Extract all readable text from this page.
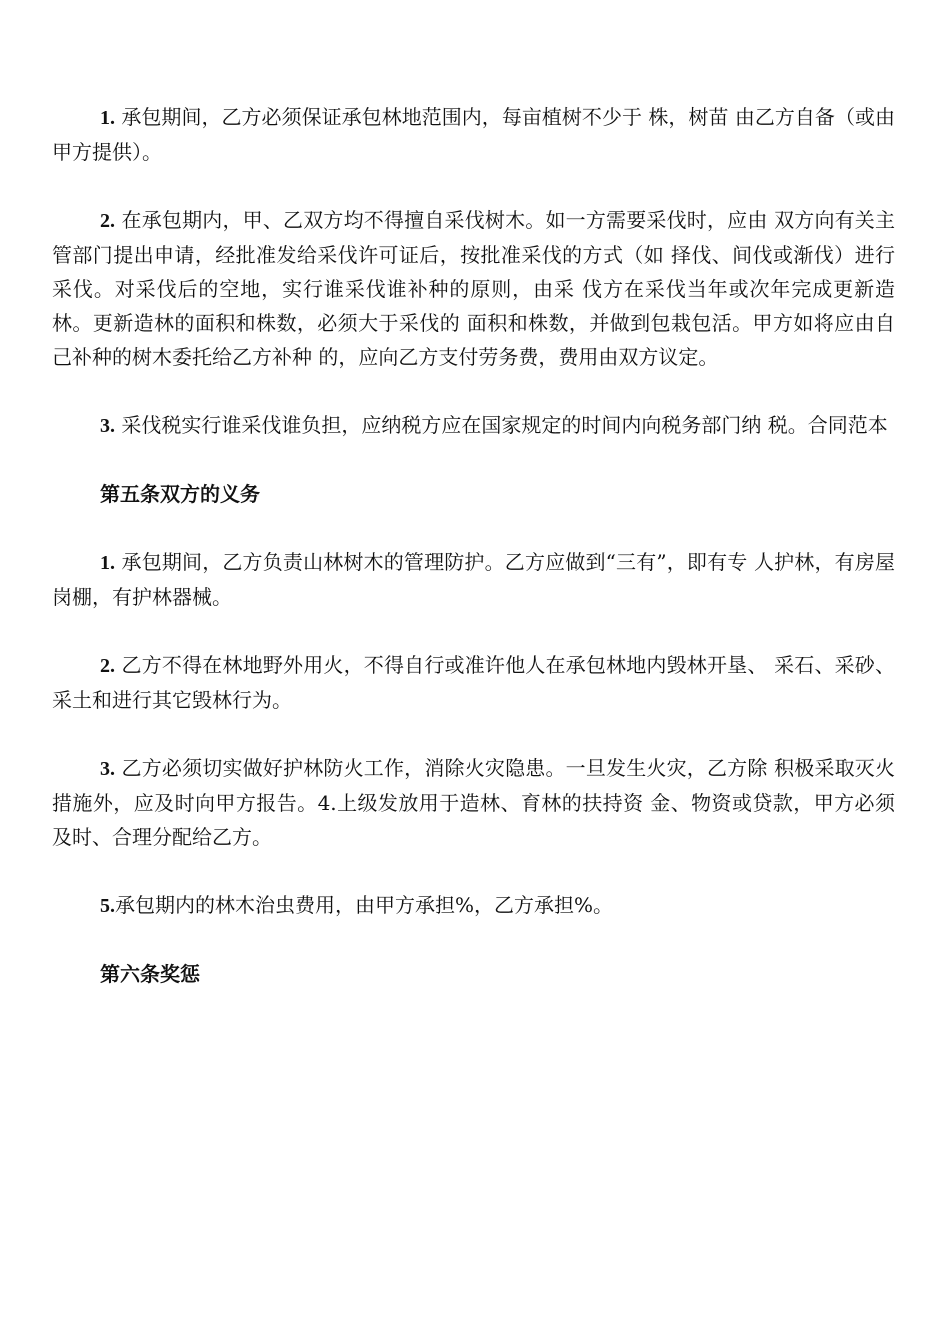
1. 承包期间，乙方必须保证承包林地范围内，每亩植树不少于 株，树苗 由乙方自备（或由甲方提供）。

2. 在承包期内，甲、乙双方均不得擅自采伐树木。如一方需要采伐时，应由 双方向有关主管部门提出申请，经批准发给采伐许可证后，按批准采伐的方式（如 择伐、间伐或渐伐）进行采伐。对采伐后的空地，实行谁采伐谁补种的原则，由采 伐方在采伐当年或次年完成更新造林。更新造林的面积和株数，必须大于采伐的 面积和株数，并做到包栽包活。甲方如将应由自己补种的树木委托给乙方补种 的，应向乙方支付劳务费，费用由双方议定。

3. 采伐税实行谁采伐谁负担，应纳税方应在国家规定的时间内向税务部门纳 税。合同范本

第五条双方的义务

1. 承包期间，乙方负责山林树木的管理防护。乙方应做到“三有”，即有专 人护林，有房屋岗棚，有护林器械。

2. 乙方不得在林地野外用火，不得自行或准许他人在承包林地内毁林开垦、 采石、采砂、采土和进行其它毁林行为。

3. 乙方必须切实做好护林防火工作，消除火灾隐患。一旦发生火灾，乙方除 积极采取灭火措施外，应及时向甲方报告。4.上级发放用于造林、育林的扶持资 金、物资或贷款，甲方必须及时、合理分配给乙方。

5.承包期内的林木治虫费用，由甲方承担%，乙方承担%。

第六条奖惩
